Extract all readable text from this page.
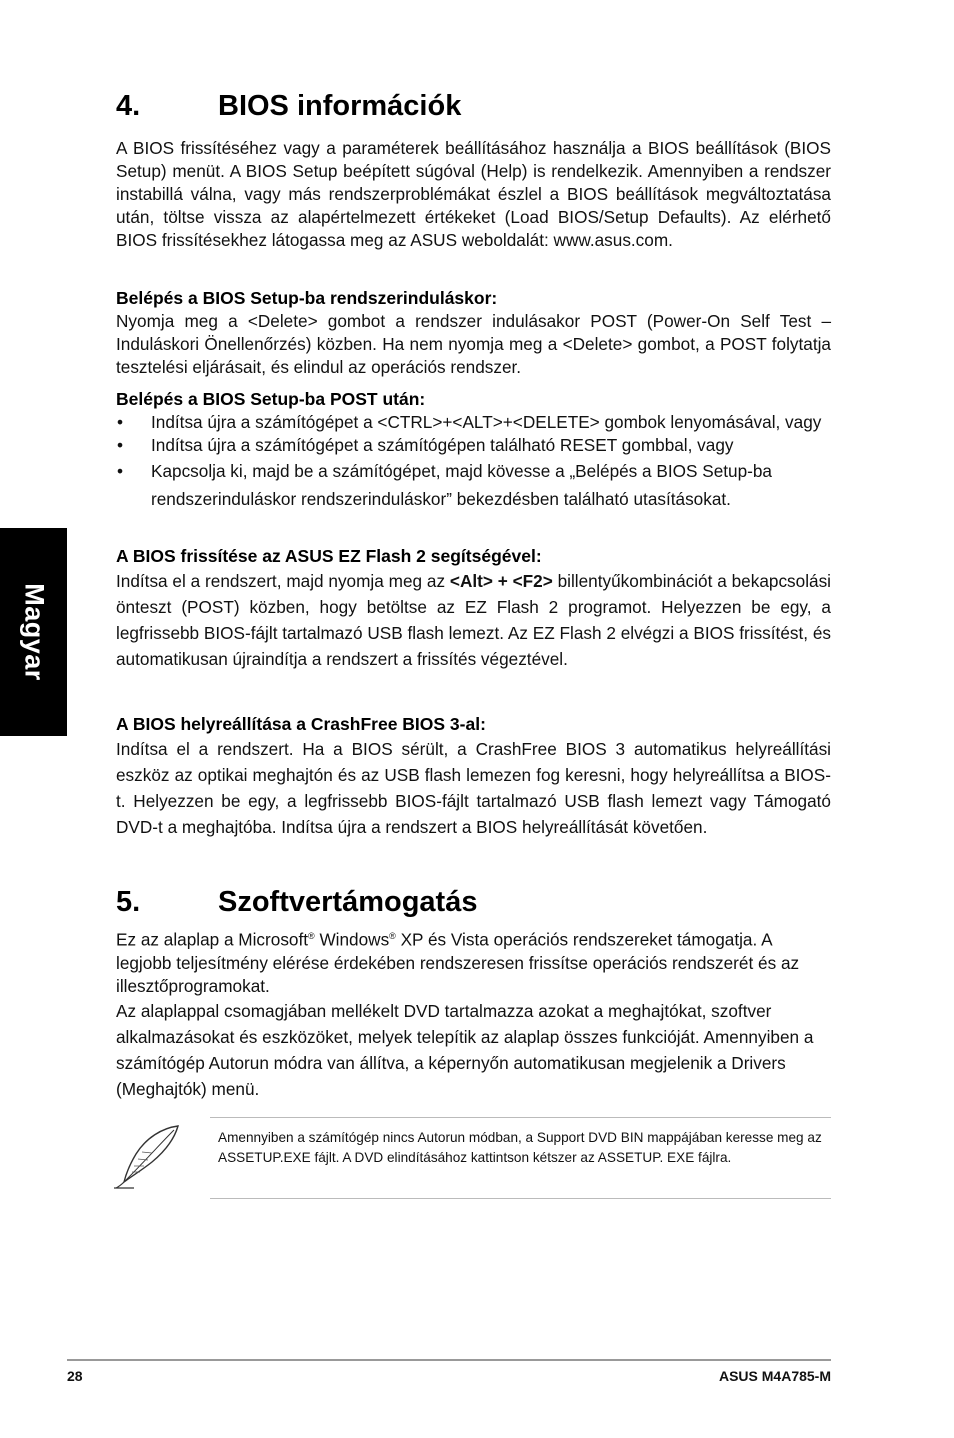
Magyar
4.	BIOS információk

A BIOS frissítéséhez vagy a paraméterek beállításához használja a BIOS beállítások (BIOS Setup) menüt. A BIOS Setup beépített súgóval (Help) is rendelkezik. Amennyiben a rendszer instabillá válna, vagy más rendszerproblémákat észlel a BIOS beállítások megváltoztatása után, töltse vissza az alapértelmezett értékeket (Load BIOS/Setup Defaults). Az elérhető BIOS frissítésekhez látogassa meg az ASUS weboldalát: www.asus.com.

Belépés a BIOS Setup-ba rendszerinduláskor:

Nyomja meg a <Delete> gombot a rendszer indulásakor POST (Power-On Self Test – Induláskori Önellenőrzés) közben. Ha nem nyomja meg a <Delete> gombot, a POST folytatja tesztelési eljárásait, és elindul az operációs rendszer.

Belépés a BIOS Setup-ba POST után:
• Indítsa újra a számítógépet a <CTRL>+<ALT>+<DELETE> gombok lenyomásával, vagy
• Indítsa újra a számítógépet a számítógépen található RESET gombbal, vagy
• Kapcsolja ki, majd be a számítógépet, majd kövesse a „Belépés a BIOS Setup-ba rendszerinduláskor rendszerinduláskor” bekezdésben található utasításokat.
A BIOS frissítése az ASUS EZ Flash 2 segítségével:

Indítsa el a rendszert, majd nyomja meg az <Alt> + <F2> billentyűkombinációt a bekapcsolási önteszt (POST) közben, hogy betöltse az EZ Flash 2 programot. Helyezzen be egy, a legfrissebb BIOS-fájlt tartalmazó USB flash lemezt. Az EZ Flash 2 elvégzi a BIOS frissítést, és automatikusan újraindítja a rendszert a frissítés végeztével.

A BIOS helyreállítása a CrashFree BIOS 3-al:

Indítsa el a rendszert. Ha a BIOS sérült, a CrashFree BIOS 3 automatikus helyreállítási eszköz az optikai meghajtón és az USB flash lemezen fog keresni, hogy helyreállítsa a BIOS-t. Helyezzen be egy, a legfrissebb BIOS-fájlt tartalmazó USB flash lemezt vagy Támogató DVD-t a meghajtóba. Indítsa újra a rendszert a BIOS helyreállítását követően.

5.	Szoftvertámogatás

Ez az alaplap a Microsoft® Windows® XP és Vista operációs rendszereket támogatja. A legjobb teljesítmény elérése érdekében rendszeresen frissítse operációs rendszerét és az illesztőprogramokat.

Az alaplappal csomagjában mellékelt DVD tartalmazza azokat a meghajtókat, szoftver alkalmazásokat és eszközöket, melyek telepítik az alaplap összes funkcióját. Amennyiben a számítógép Autorun módra van állítva, a képernyőn automatikusan megjelenik a Drivers (Meghajtók) menü.

Amennyiben a számítógép nincs Autorun módban, a Support DVD BIN mappájában keresse meg az ASSETUP.EXE fájlt. A DVD elindításához kattintson kétszer az ASSETUP. EXE fájlra.

28	ASUS M4A785-M
